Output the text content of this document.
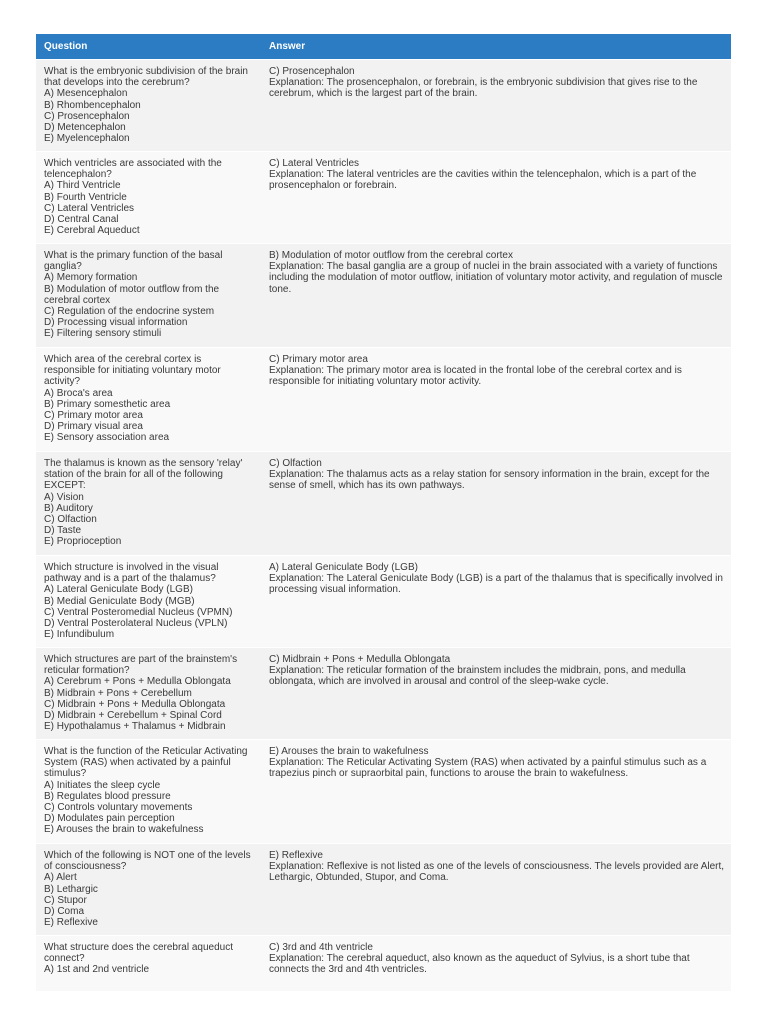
Question	Answer
What is the embryonic subdivision of the brain that develops into the cerebrum?
A) Mesencephalon
B) Rhombencephalon
C) Prosencephalon
D) Metencephalon
E) Myelencephalon
C) Prosencephalon
Explanation: The prosencephalon, or forebrain, is the embryonic subdivision that gives rise to the cerebrum, which is the largest part of the brain.
Which ventricles are associated with the telencephalon?
A) Third Ventricle
B) Fourth Ventricle
C) Lateral Ventricles
D) Central Canal
E) Cerebral Aqueduct
C) Lateral Ventricles
Explanation: The lateral ventricles are the cavities within the telencephalon, which is a part of the prosencephalon or forebrain.
What is the primary function of the basal ganglia?
A) Memory formation
B) Modulation of motor outflow from the cerebral cortex
C) Regulation of the endocrine system
D) Processing visual information
E) Filtering sensory stimuli
B) Modulation of motor outflow from the cerebral cortex
Explanation: The basal ganglia are a group of nuclei in the brain associated with a variety of functions including the modulation of motor outflow, initiation of voluntary motor activity, and regulation of muscle tone.
Which area of the cerebral cortex is responsible for initiating voluntary motor activity?
A) Broca's area
B) Primary somesthetic area
C) Primary motor area
D) Primary visual area
E) Sensory association area
C) Primary motor area
Explanation: The primary motor area is located in the frontal lobe of the cerebral cortex and is responsible for initiating voluntary motor activity.
The thalamus is known as the sensory 'relay' station of the brain for all of the following EXCEPT:
A) Vision
B) Auditory
C) Olfaction
D) Taste
E) Proprioception
C) Olfaction
Explanation: The thalamus acts as a relay station for sensory information in the brain, except for the sense of smell, which has its own pathways.
Which structure is involved in the visual pathway and is a part of the thalamus?
A) Lateral Geniculate Body (LGB)
B) Medial Geniculate Body (MGB)
C) Ventral Posteromedial Nucleus (VPMN)
D) Ventral Posterolateral Nucleus (VPLN)
E) Infundibulum
A) Lateral Geniculate Body (LGB)
Explanation: The Lateral Geniculate Body (LGB) is a part of the thalamus that is specifically involved in processing visual information.
Which structures are part of the brainstem's reticular formation?
A) Cerebrum + Pons + Medulla Oblongata
B) Midbrain + Pons + Cerebellum
C) Midbrain + Pons + Medulla Oblongata
D) Midbrain + Cerebellum + Spinal Cord
E) Hypothalamus + Thalamus + Midbrain
C) Midbrain + Pons + Medulla Oblongata
Explanation: The reticular formation of the brainstem includes the midbrain, pons, and medulla oblongata, which are involved in arousal and control of the sleep-wake cycle.
What is the function of the Reticular Activating System (RAS) when activated by a painful stimulus?
A) Initiates the sleep cycle
B) Regulates blood pressure
C) Controls voluntary movements
D) Modulates pain perception
E) Arouses the brain to wakefulness
E) Arouses the brain to wakefulness
Explanation: The Reticular Activating System (RAS) when activated by a painful stimulus such as a trapezius pinch or supraorbital pain, functions to arouse the brain to wakefulness.
Which of the following is NOT one of the levels of consciousness?
A) Alert
B) Lethargic
C) Stupor
D) Coma
E) Reflexive
E) Reflexive
Explanation: Reflexive is not listed as one of the levels of consciousness. The levels provided are Alert, Lethargic, Obtunded, Stupor, and Coma.
What structure does the cerebral aqueduct connect?
A) 1st and 2nd ventricle
C) 3rd and 4th ventricle
Explanation: The cerebral aqueduct, also known as the aqueduct of Sylvius, is a short tube that connects the 3rd and 4th ventricles.
